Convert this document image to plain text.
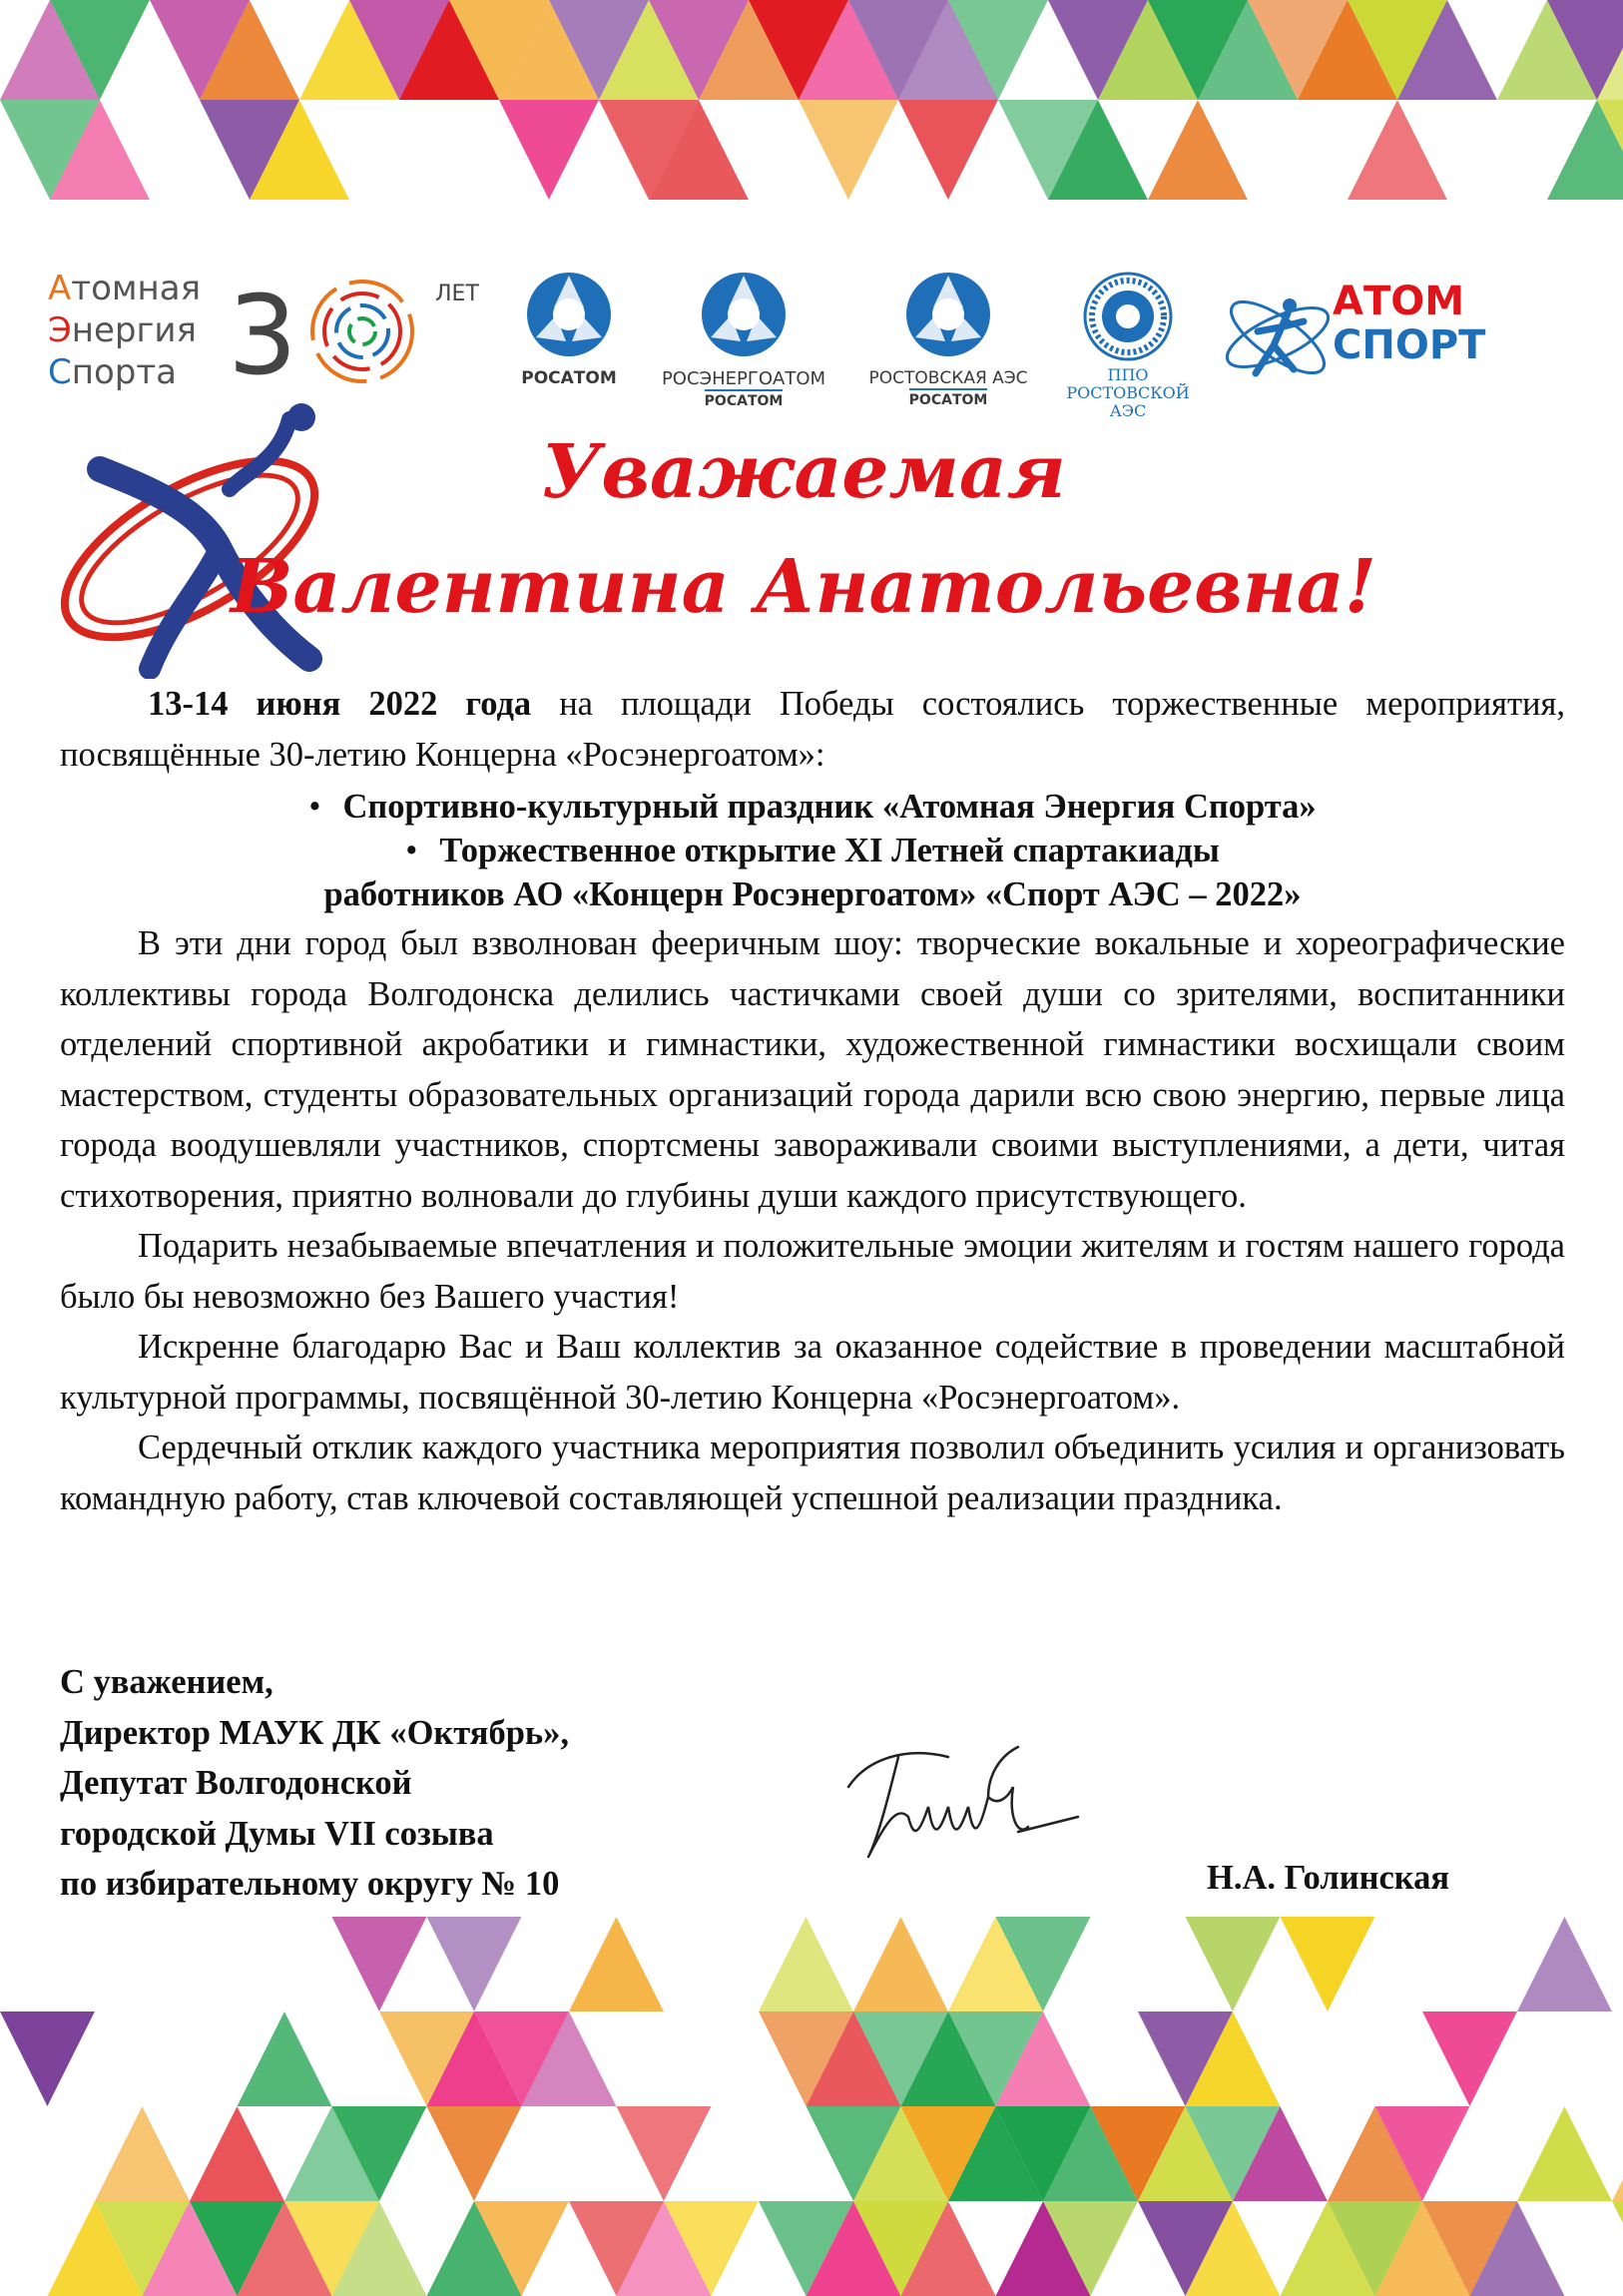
Атомная
Энергия
Спорта 3	ЛЕТ
РОСАТОМ	РОСЭНЕРГОАТОМ
РОСАТОМ
РОСТОВСКАЯ АЭС
РОСАТОМ
ППО
РОСТОВСКОЙ АЭС
АТОМ
СПОРТ
Уважаемая
Валентина Анатольевна!

13-14 июня 2022 года на площади Победы состоялись торжественные мероприятия, посвящённые 30-летию Концерна «Росэнергоатом»:

• Спортивно-культурный праздник «Атомная Энергия Спорта»
• Торжественное открытие XI Летней спартакиады
работников АО «Концерн Росэнергоатом» «Спорт АЭС – 2022»

В эти дни город был взволнован фееричным шоу: творческие вокальные и хореографические коллективы города Волгодонска делились частичками своей души со зрителями, воспитанники отделений спортивной акробатики и гимнастики, художественной гимнастики восхищали своим мастерством, студенты образовательных организаций города дарили всю свою энергию, первые лица города воодушевляли участников, спортсмены завораживали своими выступлениями, а дети, читая стихотворения, приятно волновали до глубины души каждого присутствующего.

Подарить незабываемые впечатления и положительные эмоции жителям и гостям нашего города было бы невозможно без Вашего участия!

Искренне благодарю Вас и Ваш коллектив за оказанное содействие в проведении масштабной культурной программы, посвящённой 30-летию Концерна «Росэнергоатом».

Сердечный отклик каждого участника мероприятия позволил объединить усилия и организовать командную работу, став ключевой составляющей успешной реализации праздника.

С уважением,
Директор МАУК ДК «Октябрь»,
Депутат Волгодонской
городской Думы VII созыва
по избирательному округу № 10	Н.А. Голинская
